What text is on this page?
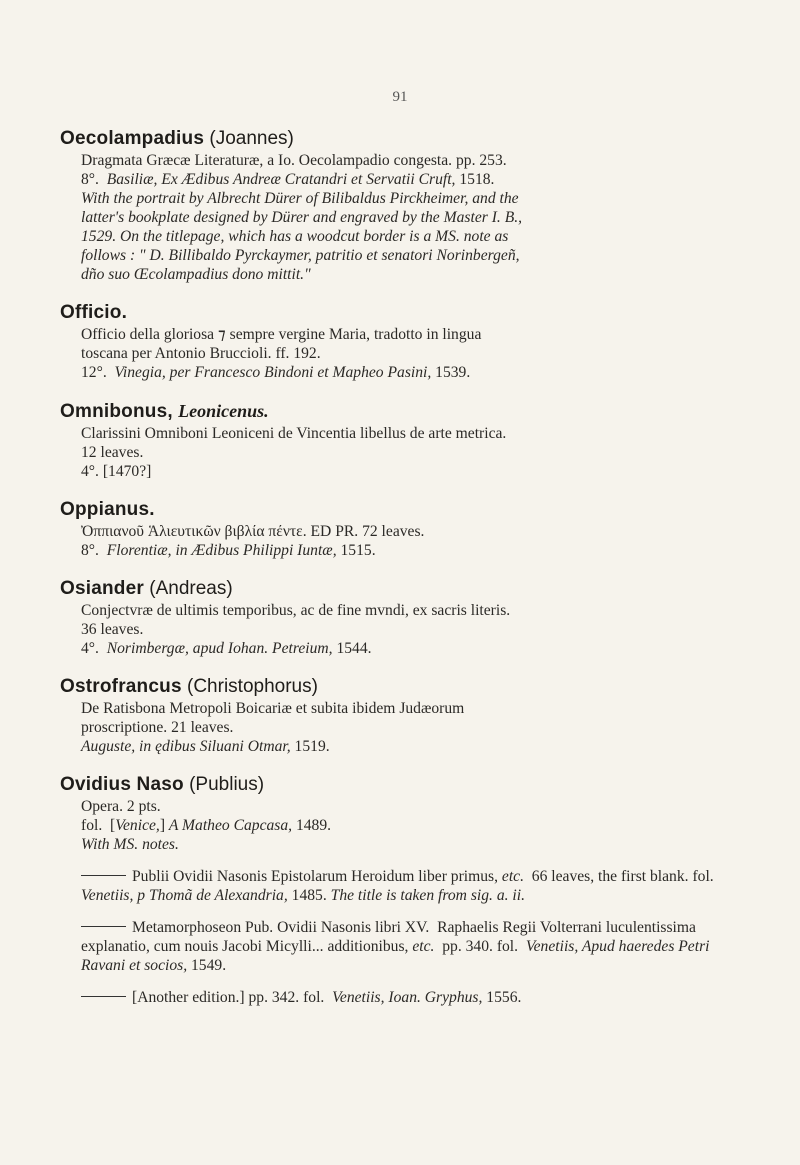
91
Oecolampadius (Joannes)
Dragmata Græcæ Literaturæ, a Io. Oecolampadio congesta. pp. 253.
8°.  Basiliæ, Ex Ædibus Andreæ Cratandri et Servatii Cruft, 1518.
With the portrait by Albrecht Dürer of Bilibaldus Pirckheimer, and the
latter's bookplate designed by Dürer and engraved by the Master I. B.,
1529. On the titlepage, which has a woodcut border is a MS. note as
follows : " D. Billibaldo Pyrckaymer, patritio et senatori Norinbergeñ,
dño suo Œcolampadius dono mittit."
Officio.
Officio della gloriosa ⁊ sempre vergine Maria, tradotto in lingua
toscana per Antonio Bruccioli. ff. 192.
12°.  Vinegia, per Francesco Bindoni et Mapheo Pasini, 1539.
Omnibonus, Leonicenus.
Clarissini Omniboni Leoniceni de Vincentia libellus de arte metrica.
12 leaves.
4°. [1470?]
Oppianus.
Ὀππιανοῦ Ἁλιευτικῶν βιβλία πέντε. ED PR. 72 leaves.
8°.  Florentiæ, in Ædibus Philippi Iuntæ, 1515.
Osiander (Andreas)
Conjectvræ de ultimis temporibus, ac de fine mvndi, ex sacris literis.
36 leaves.
4°.  Norimbergæ, apud Iohan. Petreium, 1544.
Ostrofrancus (Christophorus)
De Ratisbona Metropoli Boicariæ et subita ibidem Judæorum
proscriptione. 21 leaves.
Auguste, in ędibus Siluani Otmar, 1519.
Ovidius Naso (Publius)
Opera. 2 pts.
fol.  [Venice,] A Matheo Capcasa, 1489.
With MS. notes.
Publii Ovidii Nasonis Epistolarum Heroidum liber primus, etc.  66 leaves, the first blank. fol.  Venetiis, p Thomã de Alexandria, 1485. The title is taken from sig. a. ii.
Metamorphoseon Pub. Ovidii Nasonis libri XV.  Raphaelis Regii Volterrani luculentissima explanatio, cum nouis Jacobi Micylli... additionibus, etc.  pp. 340. fol.  Venetiis, Apud haeredes Petri Ravani et socios, 1549.
[Another edition.] pp. 342. fol.  Venetiis, Ioan. Gryphus, 1556.
